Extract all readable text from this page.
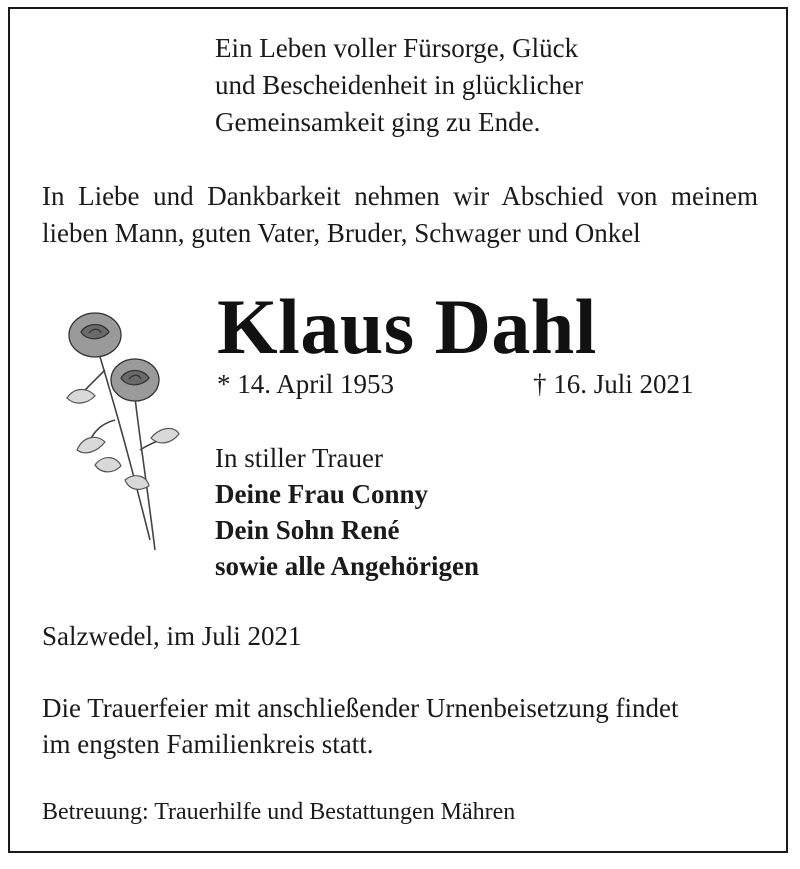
Ein Leben voller Fürsorge, Glück
und Bescheidenheit in glücklicher
Gemeinsamkeit ging zu Ende.

In Liebe und Dankbarkeit nehmen wir Abschied von meinem lieben Mann, guten Vater, Bruder, Schwager und Onkel

Klaus Dahl
* 14. April 1953	† 16. Juli 2021
In stiller Trauer
Deine Frau Conny
Dein Sohn René
sowie alle Angehörigen
Salzwedel, im Juli 2021
Die Trauerfeier mit anschließender Urnenbeisetzung findet
im engsten Familienkreis statt.
Betreuung: Trauerhilfe und Bestattungen Mähren
